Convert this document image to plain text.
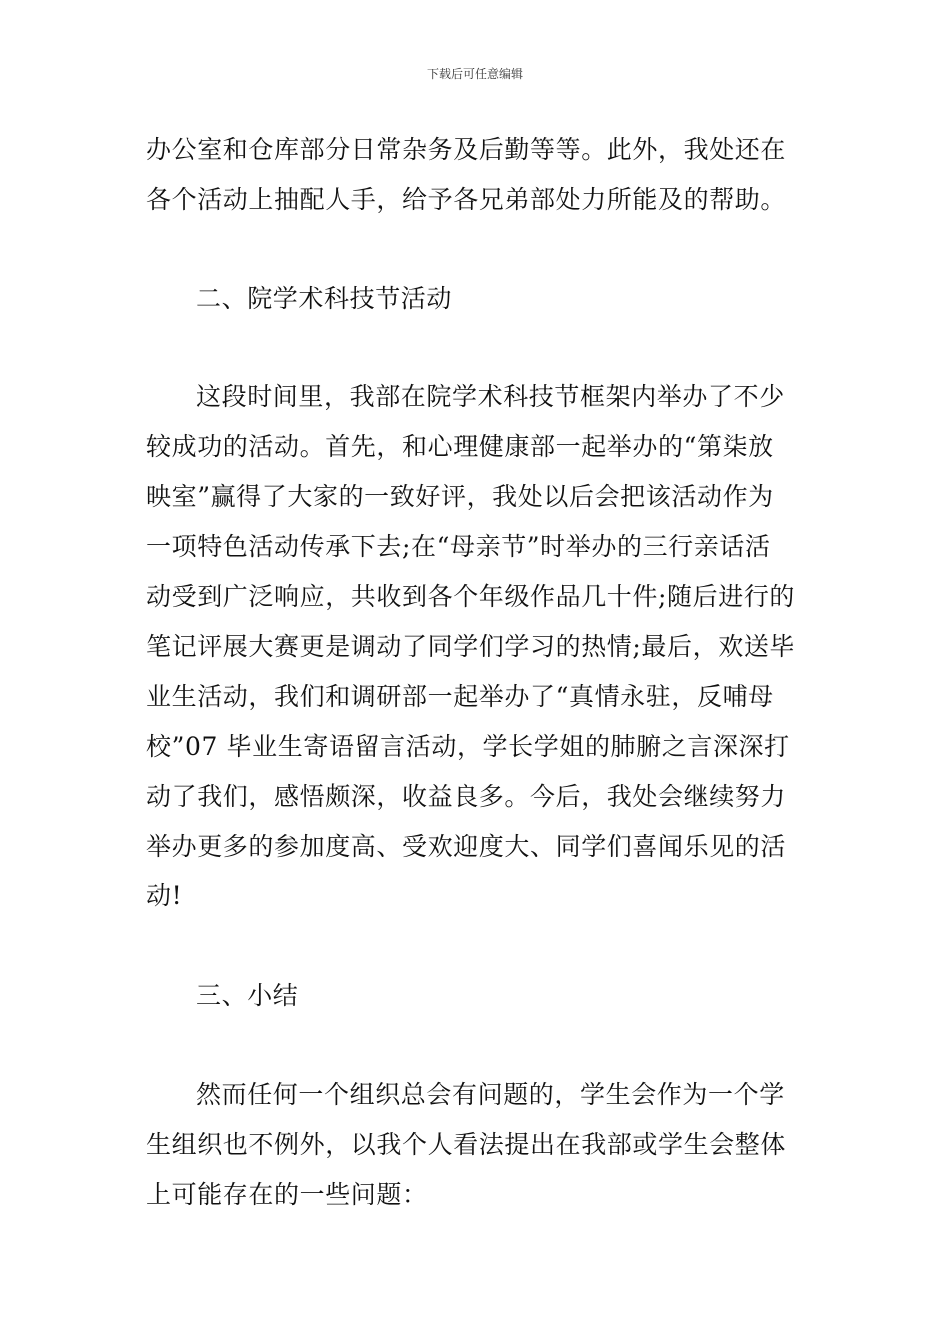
下载后可任意编辑
办公室和仓库部分日常杂务及后勤等等。此外，我处还在
各个活动上抽配人手，给予各兄弟部处力所能及的帮助。
二、院学术科技节活动
这段时间里，我部在院学术科技节框架内举办了不少
较成功的活动。首先，和心理健康部一起举办的“第柒放
映室”赢得了大家的一致好评，我处以后会把该活动作为
一项特色活动传承下去;在“母亲节”时举办的三行亲话活
动受到广泛响应，共收到各个年级作品几十件;随后进行的
笔记评展大赛更是调动了同学们学习的热情;最后，欢送毕
业生活动，我们和调研部一起举办了“真情永驻，反哺母
校”07 毕业生寄语留言活动，学长学姐的肺腑之言深深打
动了我们，感悟颇深，收益良多。今后，我处会继续努力
举办更多的参加度高、受欢迎度大、同学们喜闻乐见的活
动!
三、小结
然而任何一个组织总会有问题的，学生会作为一个学
生组织也不例外，以我个人看法提出在我部或学生会整体
上可能存在的一些问题：
